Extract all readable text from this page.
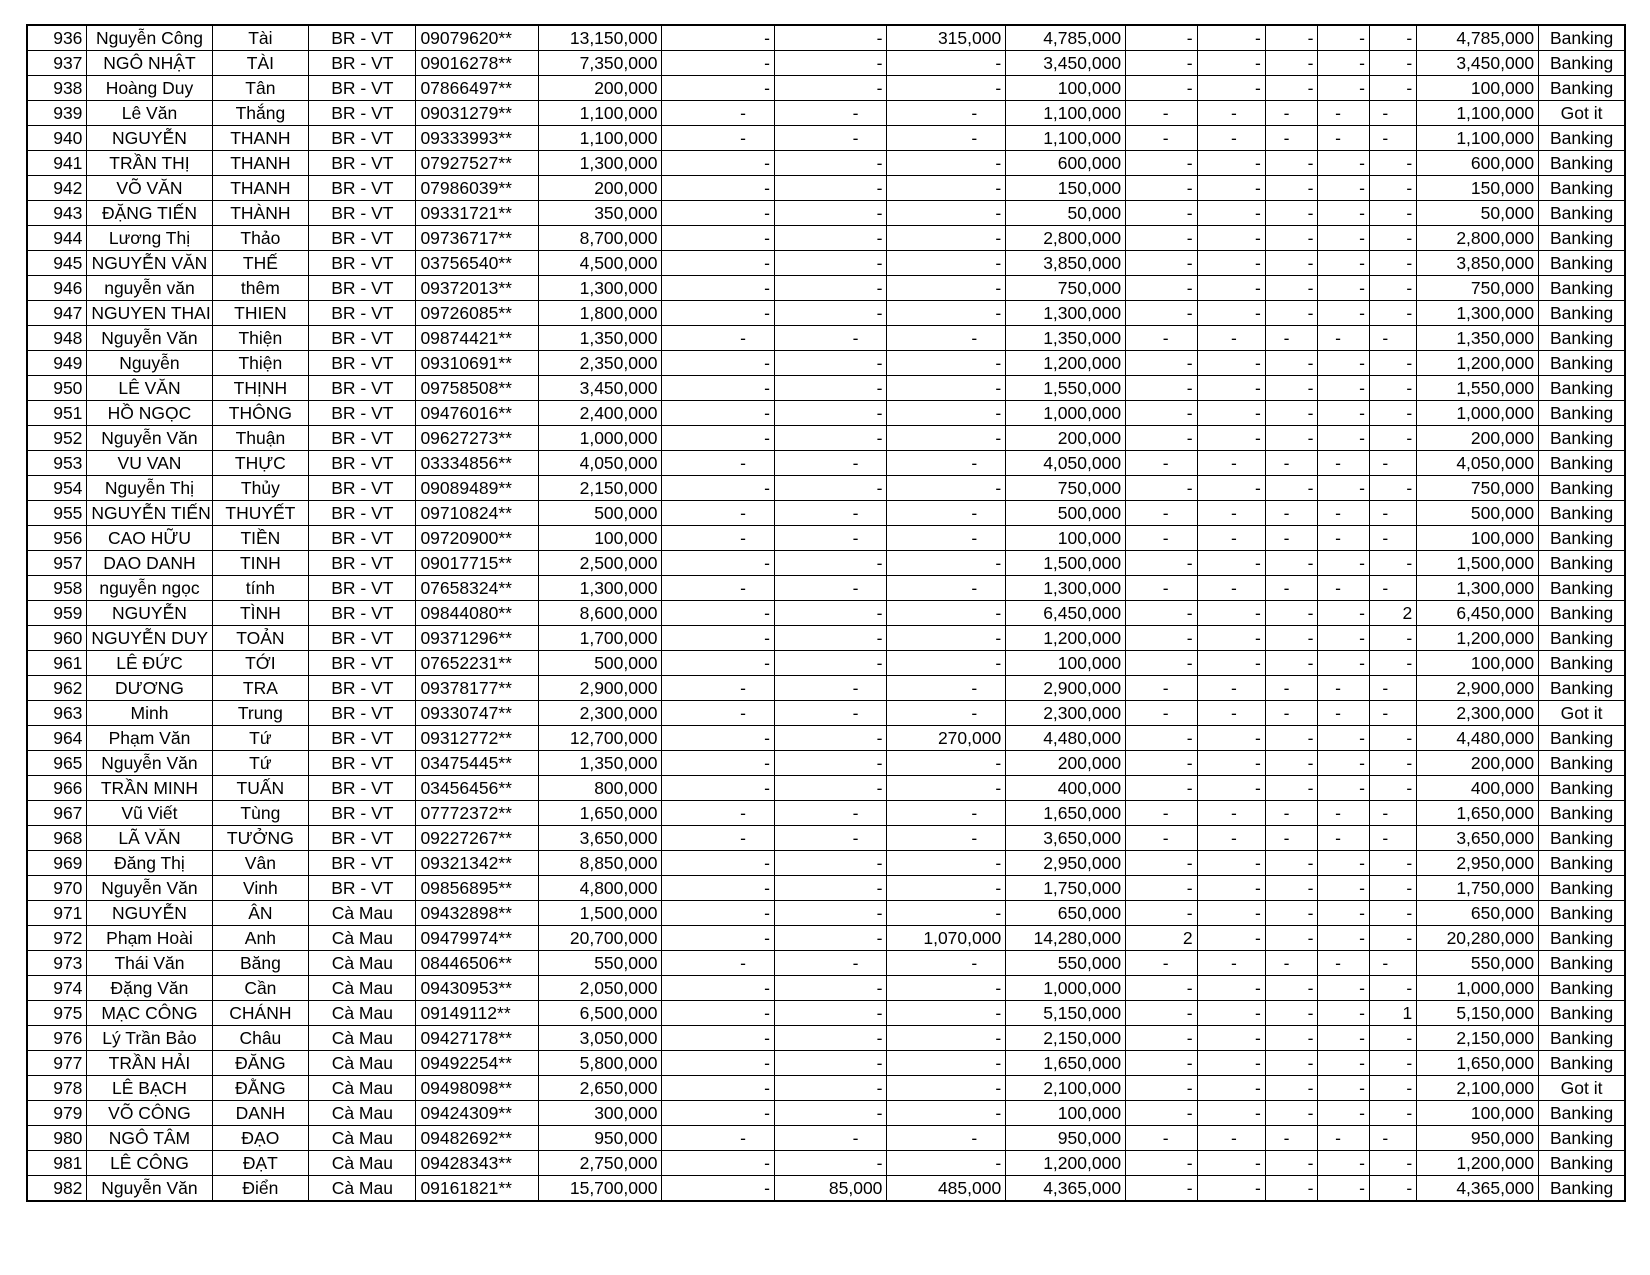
936	Nguyễn Công	Tài	BR - VT	09079620**	13,150,000	-	-	315,000	4,785,000	-	-	-	-	-	4,785,000	Banking
937	NGÔ NHẬT	TÀI	BR - VT	09016278**	7,350,000	-	-	-	3,450,000	-	-	-	-	-	3,450,000	Banking
938	Hoàng Duy	Tân	BR - VT	07866497**	200,000	-	-	-	100,000	-	-	-	-	-	100,000	Banking
939	Lê Văn	Thắng	BR - VT	09031279**	1,100,000	-	-	-	1,100,000	-	-	-	-	-	1,100,000	Got it
940	NGUYỄN	THANH	BR - VT	09333993**	1,100,000	-	-	-	1,100,000	-	-	-	-	-	1,100,000	Banking
941	TRẦN THỊ	THANH	BR - VT	07927527**	1,300,000	-	-	-	600,000	-	-	-	-	-	600,000	Banking
942	VÕ VĂN	THANH	BR - VT	07986039**	200,000	-	-	-	150,000	-	-	-	-	-	150,000	Banking
943	ĐẶNG TIẾN	THÀNH	BR - VT	09331721**	350,000	-	-	-	50,000	-	-	-	-	-	50,000	Banking
944	Lương Thị	Thảo	BR - VT	09736717**	8,700,000	-	-	-	2,800,000	-	-	-	-	-	2,800,000	Banking
945	NGUYỄN VĂN	THẾ	BR - VT	03756540**	4,500,000	-	-	-	3,850,000	-	-	-	-	-	3,850,000	Banking
946	nguyễn văn	thêm	BR - VT	09372013**	1,300,000	-	-	-	750,000	-	-	-	-	-	750,000	Banking
947	NGUYEN THAI	THIEN	BR - VT	09726085**	1,800,000	-	-	-	1,300,000	-	-	-	-	-	1,300,000	Banking
948	Nguyễn Văn	Thiện	BR - VT	09874421**	1,350,000	-	-	-	1,350,000	-	-	-	-	-	1,350,000	Banking
949	Nguyễn	Thiện	BR - VT	09310691**	2,350,000	-	-	-	1,200,000	-	-	-	-	-	1,200,000	Banking
950	LÊ VĂN	THỊNH	BR - VT	09758508**	3,450,000	-	-	-	1,550,000	-	-	-	-	-	1,550,000	Banking
951	HỒ NGỌC	THÔNG	BR - VT	09476016**	2,400,000	-	-	-	1,000,000	-	-	-	-	-	1,000,000	Banking
952	Nguyễn Văn	Thuận	BR - VT	09627273**	1,000,000	-	-	-	200,000	-	-	-	-	-	200,000	Banking
953	VU VAN	THỰC	BR - VT	03334856**	4,050,000	-	-	-	4,050,000	-	-	-	-	-	4,050,000	Banking
954	Nguyễn Thị	Thủy	BR - VT	09089489**	2,150,000	-	-	-	750,000	-	-	-	-	-	750,000	Banking
955	NGUYỄN TIẾN	THUYẾT	BR - VT	09710824**	500,000	-	-	-	500,000	-	-	-	-	-	500,000	Banking
956	CAO HỮU	TIỀN	BR - VT	09720900**	100,000	-	-	-	100,000	-	-	-	-	-	100,000	Banking
957	DAO DANH	TINH	BR - VT	09017715**	2,500,000	-	-	-	1,500,000	-	-	-	-	-	1,500,000	Banking
958	nguyễn ngọc	tính	BR - VT	07658324**	1,300,000	-	-	-	1,300,000	-	-	-	-	-	1,300,000	Banking
959	NGUYỄN	TÌNH	BR - VT	09844080**	8,600,000	-	-	-	6,450,000	-	-	-	-	2	6,450,000	Banking
960	NGUYỄN DUY	TOẢN	BR - VT	09371296**	1,700,000	-	-	-	1,200,000	-	-	-	-	-	1,200,000	Banking
961	LÊ ĐỨC	TỚI	BR - VT	07652231**	500,000	-	-	-	100,000	-	-	-	-	-	100,000	Banking
962	DƯƠNG	TRA	BR - VT	09378177**	2,900,000	-	-	-	2,900,000	-	-	-	-	-	2,900,000	Banking
963	Minh	Trung	BR - VT	09330747**	2,300,000	-	-	-	2,300,000	-	-	-	-	-	2,300,000	Got it
964	Phạm Văn	Tứ	BR - VT	09312772**	12,700,000	-	-	270,000	4,480,000	-	-	-	-	-	4,480,000	Banking
965	Nguyễn Văn	Tứ	BR - VT	03475445**	1,350,000	-	-	-	200,000	-	-	-	-	-	200,000	Banking
966	TRẦN MINH	TUẤN	BR - VT	03456456**	800,000	-	-	-	400,000	-	-	-	-	-	400,000	Banking
967	Vũ Viết	Tùng	BR - VT	07772372**	1,650,000	-	-	-	1,650,000	-	-	-	-	-	1,650,000	Banking
968	LÃ VĂN	TƯỞNG	BR - VT	09227267**	3,650,000	-	-	-	3,650,000	-	-	-	-	-	3,650,000	Banking
969	Đăng Thị	Vân	BR - VT	09321342**	8,850,000	-	-	-	2,950,000	-	-	-	-	-	2,950,000	Banking
970	Nguyễn Văn	Vinh	BR - VT	09856895**	4,800,000	-	-	-	1,750,000	-	-	-	-	-	1,750,000	Banking
971	NGUYỄN	ÂN	Cà Mau	09432898**	1,500,000	-	-	-	650,000	-	-	-	-	-	650,000	Banking
972	Phạm Hoài	Anh	Cà Mau	09479974**	20,700,000	-	-	1,070,000	14,280,000	2	-	-	-	-	20,280,000	Banking
973	Thái Văn	Băng	Cà Mau	08446506**	550,000	-	-	-	550,000	-	-	-	-	-	550,000	Banking
974	Đặng Văn	Cần	Cà Mau	09430953**	2,050,000	-	-	-	1,000,000	-	-	-	-	-	1,000,000	Banking
975	MẠC CÔNG	CHÁNH	Cà Mau	09149112**	6,500,000	-	-	-	5,150,000	-	-	-	-	1	5,150,000	Banking
976	Lý Trần Bảo	Châu	Cà Mau	09427178**	3,050,000	-	-	-	2,150,000	-	-	-	-	-	2,150,000	Banking
977	TRẦN HẢI	ĐĂNG	Cà Mau	09492254**	5,800,000	-	-	-	1,650,000	-	-	-	-	-	1,650,000	Banking
978	LÊ BẠCH	ĐẰNG	Cà Mau	09498098**	2,650,000	-	-	-	2,100,000	-	-	-	-	-	2,100,000	Got it
979	VÕ CÔNG	DANH	Cà Mau	09424309**	300,000	-	-	-	100,000	-	-	-	-	-	100,000	Banking
980	NGÔ TÂM	ĐẠO	Cà Mau	09482692**	950,000	-	-	-	950,000	-	-	-	-	-	950,000	Banking
981	LÊ CÔNG	ĐẠT	Cà Mau	09428343**	2,750,000	-	-	-	1,200,000	-	-	-	-	-	1,200,000	Banking
982	Nguyễn Văn	Điển	Cà Mau	09161821**	15,700,000	-	85,000	485,000	4,365,000	-	-	-	-	-	4,365,000	Banking
